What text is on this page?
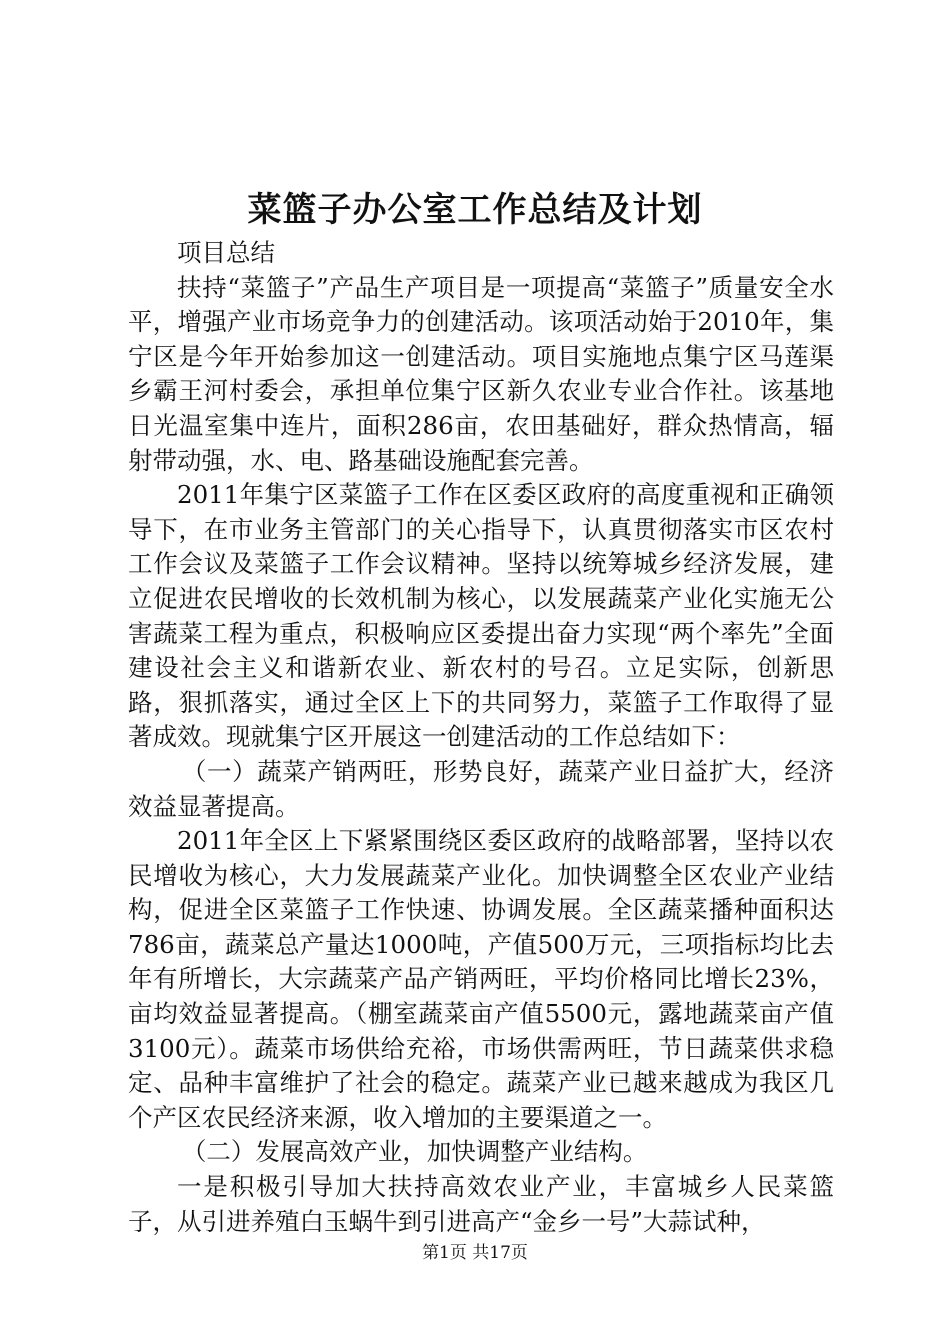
菜篮子办公室工作总结及计划

项目总结

扶持“菜篮子”产品生产项目是一项提高“菜篮子”质量安全水平，增强产业市场竞争力的创建活动。该项活动始于2010年，集宁区是今年开始参加这一创建活动。项目实施地点集宁区马莲渠乡霸王河村委会，承担单位集宁区新久农业专业合作社。该基地日光温室集中连片，面积286亩，农田基础好，群众热情高，辐射带动强，水、电、路基础设施配套完善。

2011年集宁区菜篮子工作在区委区政府的高度重视和正确领导下，在市业务主管部门的关心指导下，认真贯彻落实市区农村工作会议及菜篮子工作会议精神。坚持以统筹城乡经济发展，建立促进农民增收的长效机制为核心，以发展蔬菜产业化实施无公害蔬菜工程为重点，积极响应区委提出奋力实现“两个率先”全面建设社会主义和谐新农业、新农村的号召。立足实际，创新思路，狠抓落实，通过全区上下的共同努力，菜篮子工作取得了显著成效。现就集宁区开展这一创建活动的工作总结如下：

（一）蔬菜产销两旺，形势良好，蔬菜产业日益扩大，经济效益显著提高。

2011年全区上下紧紧围绕区委区政府的战略部署，坚持以农民增收为核心，大力发展蔬菜产业化。加快调整全区农业产业结构，促进全区菜篮子工作快速、协调发展。全区蔬菜播种面积达786亩，蔬菜总产量达1000吨，产值500万元，三项指标均比去年有所增长，大宗蔬菜产品产销两旺，平均价格同比增长23%，亩均效益显著提高。（棚室蔬菜亩产值5500元，露地蔬菜亩产值3100元）。蔬菜市场供给充裕，市场供需两旺，节日蔬菜供求稳定、品种丰富维护了社会的稳定。蔬菜产业已越来越成为我区几个产区农民经济来源，收入增加的主要渠道之一。

（二）发展高效产业，加快调整产业结构。

一是积极引导加大扶持高效农业产业，丰富城乡人民菜篮子，从引进养殖白玉蜗牛到引进高产“金乡一号”大蒜试种，

第1页 共17页
